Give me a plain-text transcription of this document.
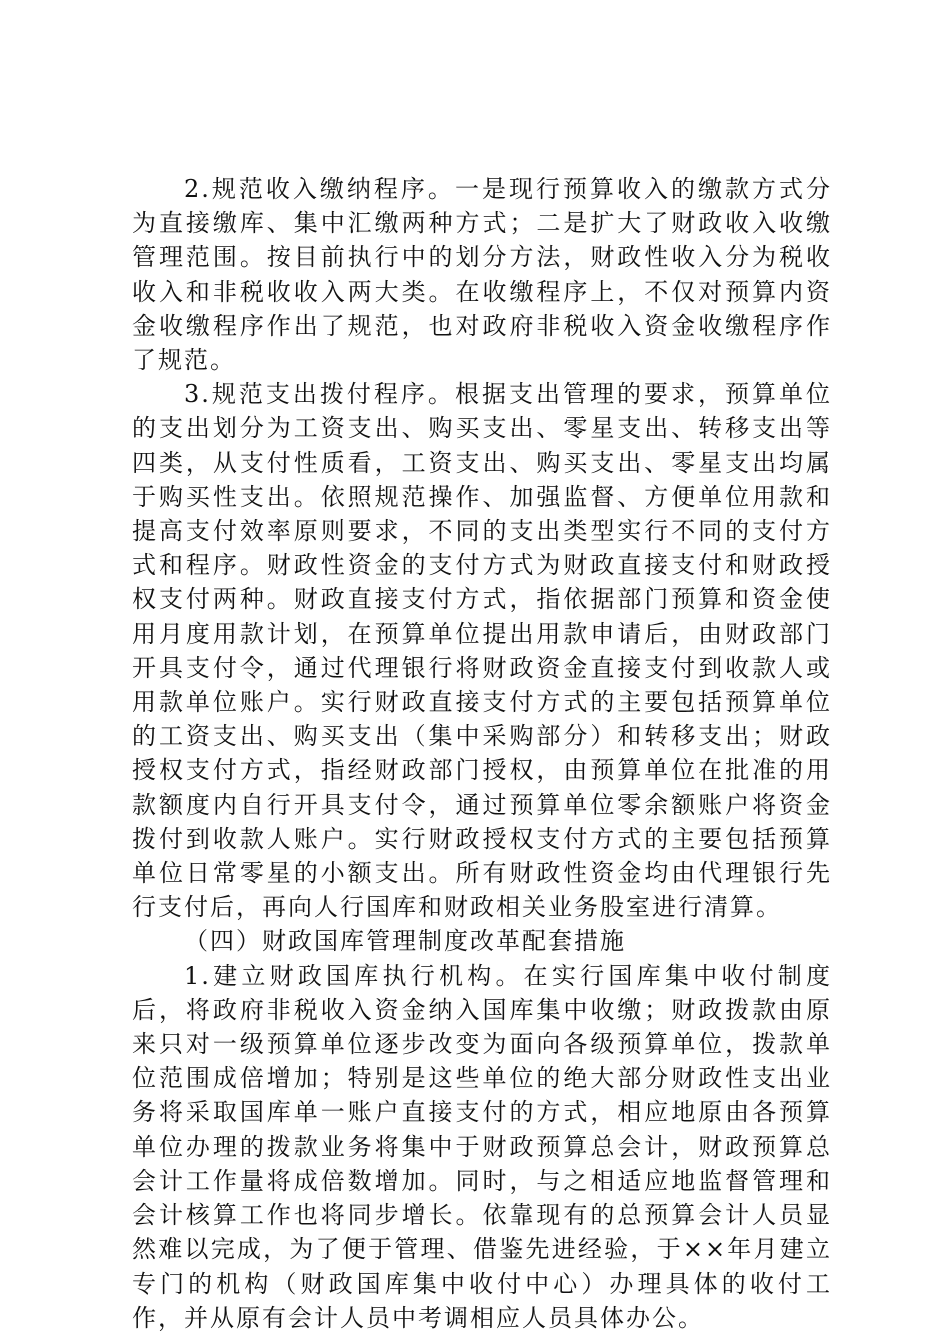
2.规范收入缴纳程序。一是现行预算收入的缴款方式分为直接缴库、集中汇缴两种方式；二是扩大了财政收入收缴管理范围。按目前执行中的划分方法，财政性收入分为税收收入和非税收收入两大类。在收缴程序上，不仅对预算内资金收缴程序作出了规范，也对政府非税收入资金收缴程序作了规范。

3.规范支出拨付程序。根据支出管理的要求，预算单位的支出划分为工资支出、购买支出、零星支出、转移支出等四类，从支付性质看，工资支出、购买支出、零星支出均属于购买性支出。依照规范操作、加强监督、方便单位用款和提高支付效率原则要求，不同的支出类型实行不同的支付方式和程序。财政性资金的支付方式为财政直接支付和财政授权支付两种。财政直接支付方式，指依据部门预算和资金使用月度用款计划，在预算单位提出用款申请后，由财政部门开具支付令，通过代理银行将财政资金直接支付到收款人或用款单位账户。实行财政直接支付方式的主要包括预算单位的工资支出、购买支出（集中采购部分）和转移支出；财政授权支付方式，指经财政部门授权，由预算单位在批准的用款额度内自行开具支付令，通过预算单位零余额账户将资金拨付到收款人账户。实行财政授权支付方式的主要包括预算单位日常零星的小额支出。所有财政性资金均由代理银行先行支付后，再向人行国库和财政相关业务股室进行清算。

（四）财政国库管理制度改革配套措施

1.建立财政国库执行机构。在实行国库集中收付制度后，将政府非税收入资金纳入国库集中收缴；财政拨款由原来只对一级预算单位逐步改变为面向各级预算单位，拨款单位范围成倍增加；特别是这些单位的绝大部分财政性支出业务将采取国库单一账户直接支付的方式，相应地原由各预算单位办理的拨款业务将集中于财政预算总会计，财政预算总会计工作量将成倍数增加。同时，与之相适应地监督管理和会计核算工作也将同步增长。依靠现有的总预算会计人员显然难以完成，为了便于管理、借鉴先进经验，于××年月建立专门的机构（财政国库集中收付中心）办理具体的收付工作，并从原有会计人员中考调相应人员具体办公。
